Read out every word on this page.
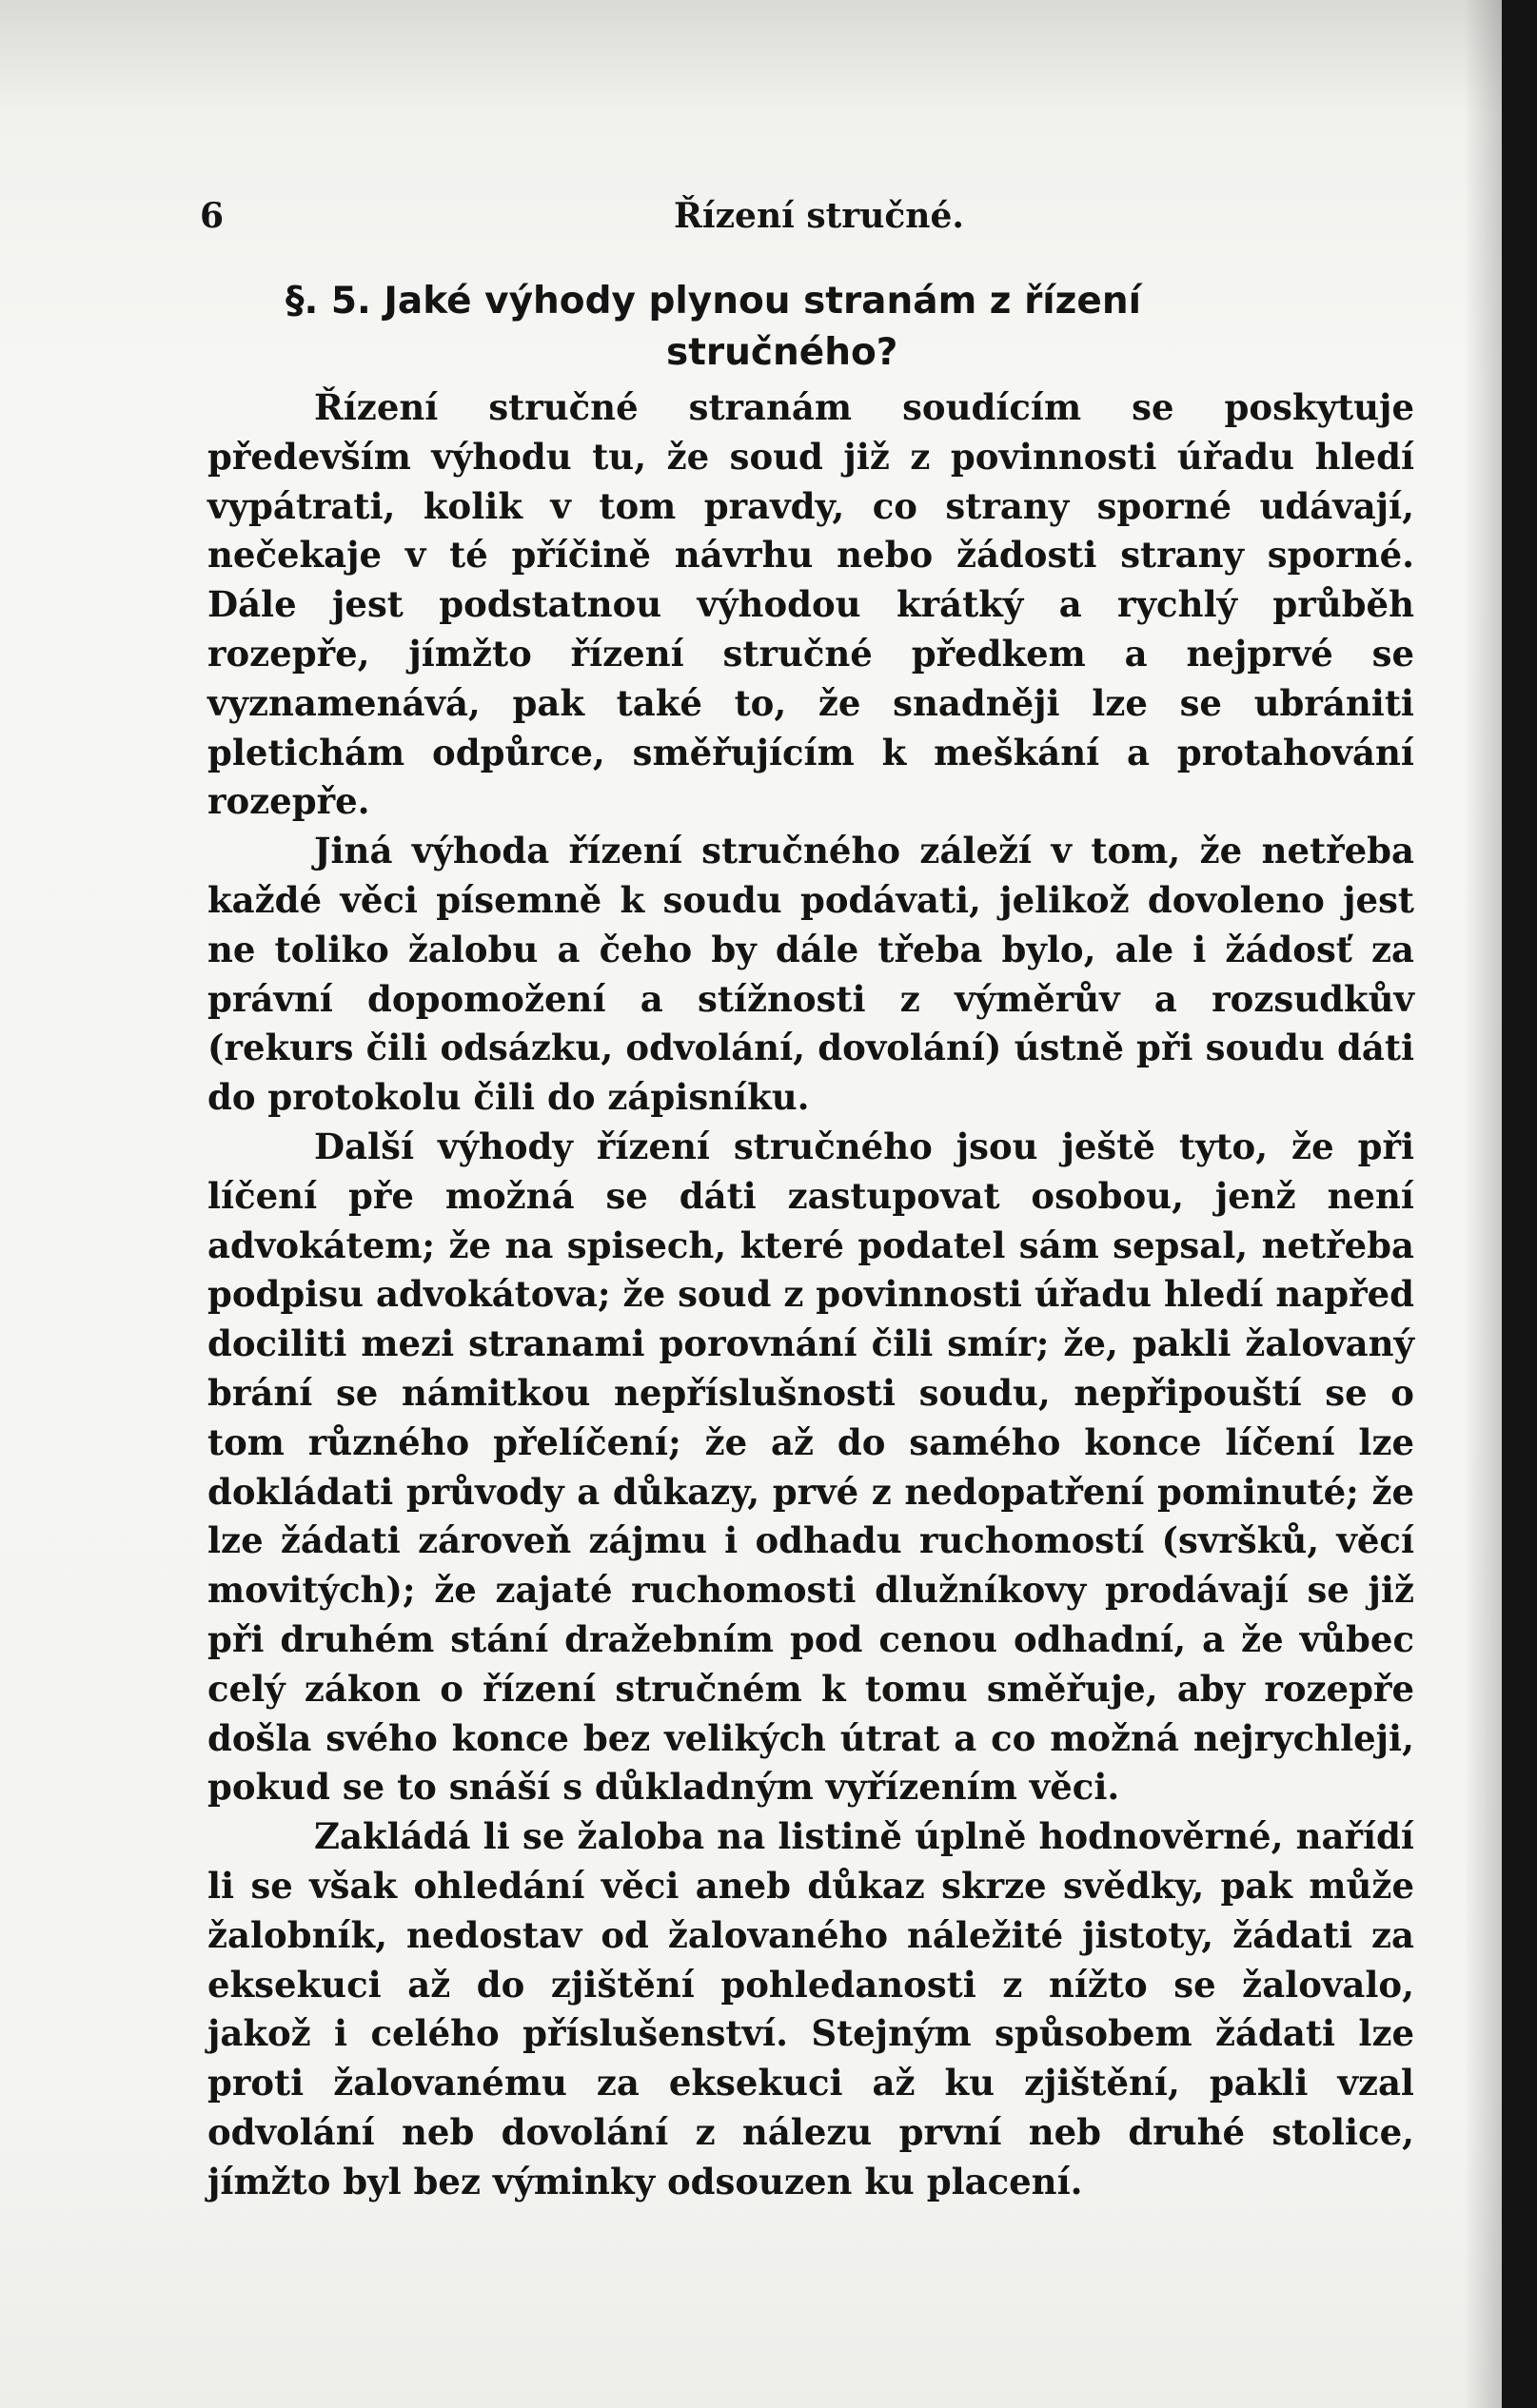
6	Řízení stručné.
§. 5. Jaké výhody plynou stranám z řízení
stručného?

Řízení stručné stranám soudícím se poskytuje především výhodu tu, že soud již z povinnosti úřadu hledí vypátrati, kolik v tom pravdy, co strany sporné udávají, nečekaje v té příčině návrhu nebo žádosti strany sporné. Dále jest podstatnou výhodou krátký a rychlý průběh rozepře, jímžto řízení stručné předkem a nejprvé se vyznamenává, pak také to, že snadněji lze se ubrániti pletichám odpůrce, směřujícím k meškání a protahování rozepře.

Jiná výhoda řízení stručného záleží v tom, že netřeba každé věci písemně k soudu podávati, jelikož dovoleno jest ne toliko žalobu a čeho by dále třeba bylo, ale i žádosť za právní dopomožení a stížnosti z výměrův a rozsudkův (rekurs čili odsázku, odvolání, dovolání) ústně při soudu dáti do protokolu čili do zápisníku.

Další výhody řízení stručného jsou ještě tyto, že při líčení pře možná se dáti zastupovat osobou, jenž není advokátem; že na spisech, které podatel sám sepsal, netřeba podpisu advokátova; že soud z povinnosti úřadu hledí napřed dociliti mezi stranami porovnání čili smír; že, pakli žalovaný brání se námitkou nepříslušnosti soudu, nepřipouští se o tom různého přelíčení; že až do samého konce líčení lze dokládati průvody a důkazy, prvé z nedopatření pominuté; že lze žádati zároveň zájmu i odhadu ruchomostí (svršků, věcí movitých); že zajaté ruchomosti dlužníkovy prodávají se již při druhém stání dražebním pod cenou odhadní, a že vůbec celý zákon o řízení stručném k tomu směřuje, aby rozepře došla svého konce bez velikých útrat a co možná nejrychleji, pokud se to snáší s důkladným vyřízením věci.

Zakládá li se žaloba na listině úplně hodnověrné, nařídí li se však ohledání věci aneb důkaz skrze svědky, pak může žalobník, nedostav od žalovaného náležité jistoty, žádati za eksekuci až do zjištění pohledanosti z nížto se žalovalo, jakož i celého příslušenství. Stejným spůsobem žádati lze proti žalovanému za eksekuci až ku zjištění, pakli vzal odvolání neb dovolání z nálezu první neb druhé stolice, jímžto byl bez výminky odsouzen ku placení.
